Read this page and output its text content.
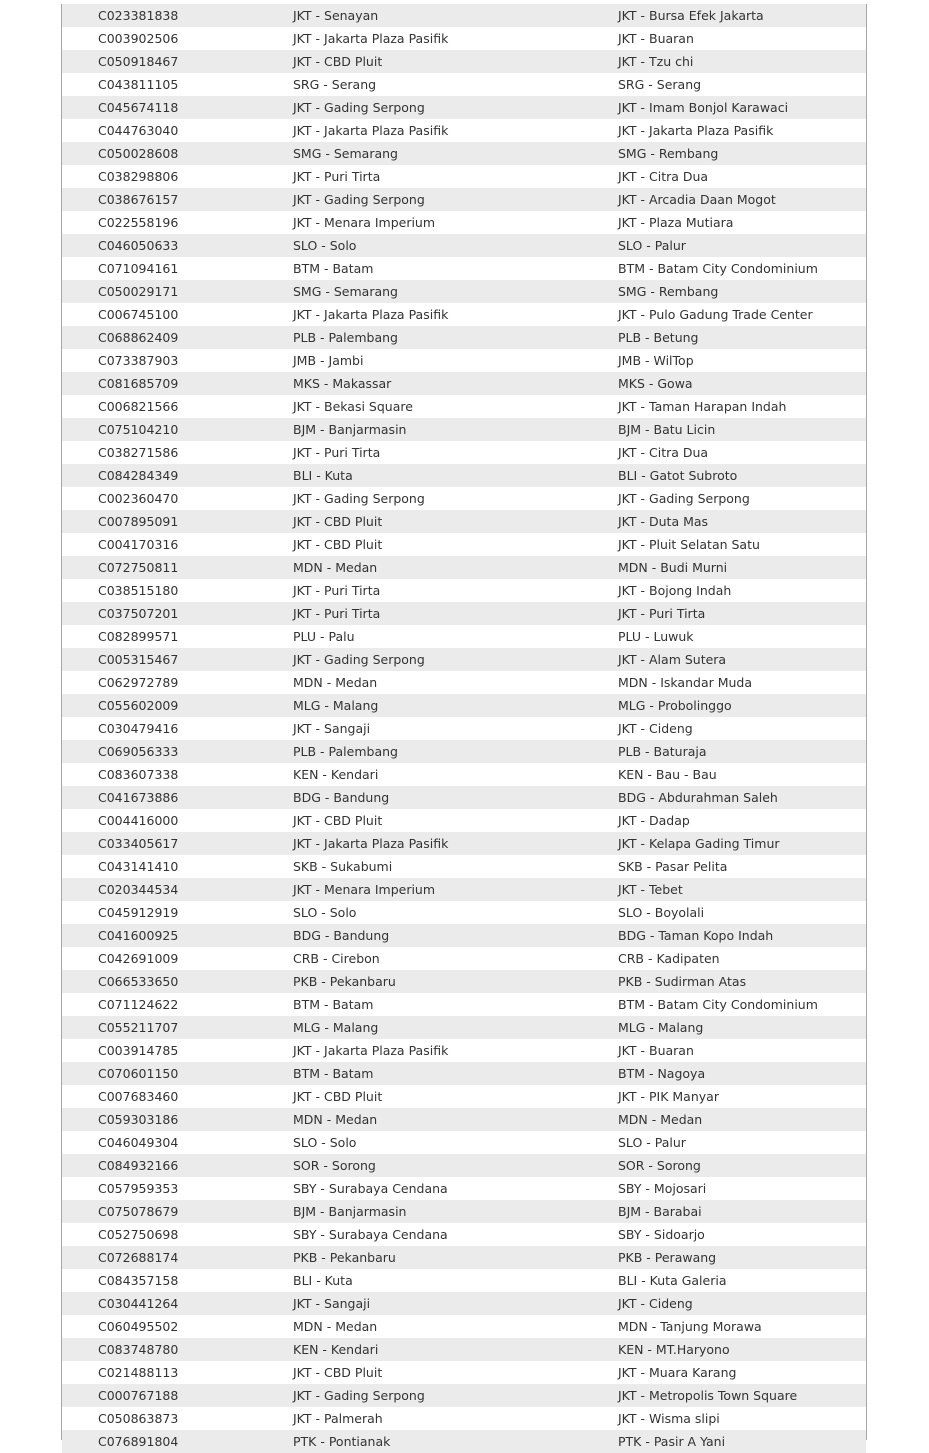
C023381838	JKT - Senayan	JKT - Bursa Efek Jakarta
C003902506	JKT - Jakarta Plaza Pasifik	JKT - Buaran
C050918467	JKT - CBD Pluit	JKT - Tzu chi
C043811105	SRG - Serang	SRG - Serang
C045674118	JKT - Gading Serpong	JKT - Imam Bonjol Karawaci
C044763040	JKT - Jakarta Plaza Pasifik	JKT - Jakarta Plaza Pasifik
C050028608	SMG - Semarang	SMG - Rembang
C038298806	JKT - Puri Tirta	JKT - Citra Dua
C038676157	JKT - Gading Serpong	JKT - Arcadia Daan Mogot
C022558196	JKT - Menara Imperium	JKT - Plaza Mutiara
C046050633	SLO - Solo	SLO - Palur
C071094161	BTM - Batam	BTM - Batam City Condominium
C050029171	SMG - Semarang	SMG - Rembang
C006745100	JKT - Jakarta Plaza Pasifik	JKT - Pulo Gadung Trade Center
C068862409	PLB - Palembang	PLB - Betung
C073387903	JMB - Jambi	JMB - WilTop
C081685709	MKS - Makassar	MKS - Gowa
C006821566	JKT - Bekasi Square	JKT - Taman Harapan Indah
C075104210	BJM - Banjarmasin	BJM - Batu Licin
C038271586	JKT - Puri Tirta	JKT - Citra Dua
C084284349	BLI - Kuta	BLI - Gatot Subroto
C002360470	JKT - Gading Serpong	JKT - Gading Serpong
C007895091	JKT - CBD Pluit	JKT - Duta Mas
C004170316	JKT - CBD Pluit	JKT - Pluit Selatan Satu
C072750811	MDN - Medan	MDN - Budi Murni
C038515180	JKT - Puri Tirta	JKT - Bojong Indah
C037507201	JKT - Puri Tirta	JKT - Puri Tirta
C082899571	PLU - Palu	PLU - Luwuk
C005315467	JKT - Gading Serpong	JKT - Alam Sutera
C062972789	MDN - Medan	MDN - Iskandar Muda
C055602009	MLG - Malang	MLG - Probolinggo
C030479416	JKT - Sangaji	JKT - Cideng
C069056333	PLB - Palembang	PLB - Baturaja
C083607338	KEN - Kendari	KEN - Bau - Bau
C041673886	BDG - Bandung	BDG - Abdurahman Saleh
C004416000	JKT - CBD Pluit	JKT - Dadap
C033405617	JKT - Jakarta Plaza Pasifik	JKT - Kelapa Gading Timur
C043141410	SKB - Sukabumi	SKB - Pasar Pelita
C020344534	JKT - Menara Imperium	JKT - Tebet
C045912919	SLO - Solo	SLO - Boyolali
C041600925	BDG - Bandung	BDG - Taman Kopo Indah
C042691009	CRB - Cirebon	CRB - Kadipaten
C066533650	PKB - Pekanbaru	PKB - Sudirman Atas
C071124622	BTM - Batam	BTM - Batam City Condominium
C055211707	MLG - Malang	MLG - Malang
C003914785	JKT - Jakarta Plaza Pasifik	JKT - Buaran
C070601150	BTM - Batam	BTM - Nagoya
C007683460	JKT - CBD Pluit	JKT - PIK Manyar
C059303186	MDN - Medan	MDN - Medan
C046049304	SLO - Solo	SLO - Palur
C084932166	SOR - Sorong	SOR - Sorong
C057959353	SBY - Surabaya Cendana	SBY - Mojosari
C075078679	BJM - Banjarmasin	BJM - Barabai
C052750698	SBY - Surabaya Cendana	SBY - Sidoarjo
C072688174	PKB - Pekanbaru	PKB - Perawang
C084357158	BLI - Kuta	BLI - Kuta Galeria
C030441264	JKT - Sangaji	JKT - Cideng
C060495502	MDN - Medan	MDN - Tanjung Morawa
C083748780	KEN - Kendari	KEN - MT.Haryono
C021488113	JKT - CBD Pluit	JKT - Muara Karang
C000767188	JKT - Gading Serpong	JKT - Metropolis Town Square
C050863873	JKT - Palmerah	JKT - Wisma slipi
C076891804	PTK - Pontianak	PTK - Pasir A Yani
